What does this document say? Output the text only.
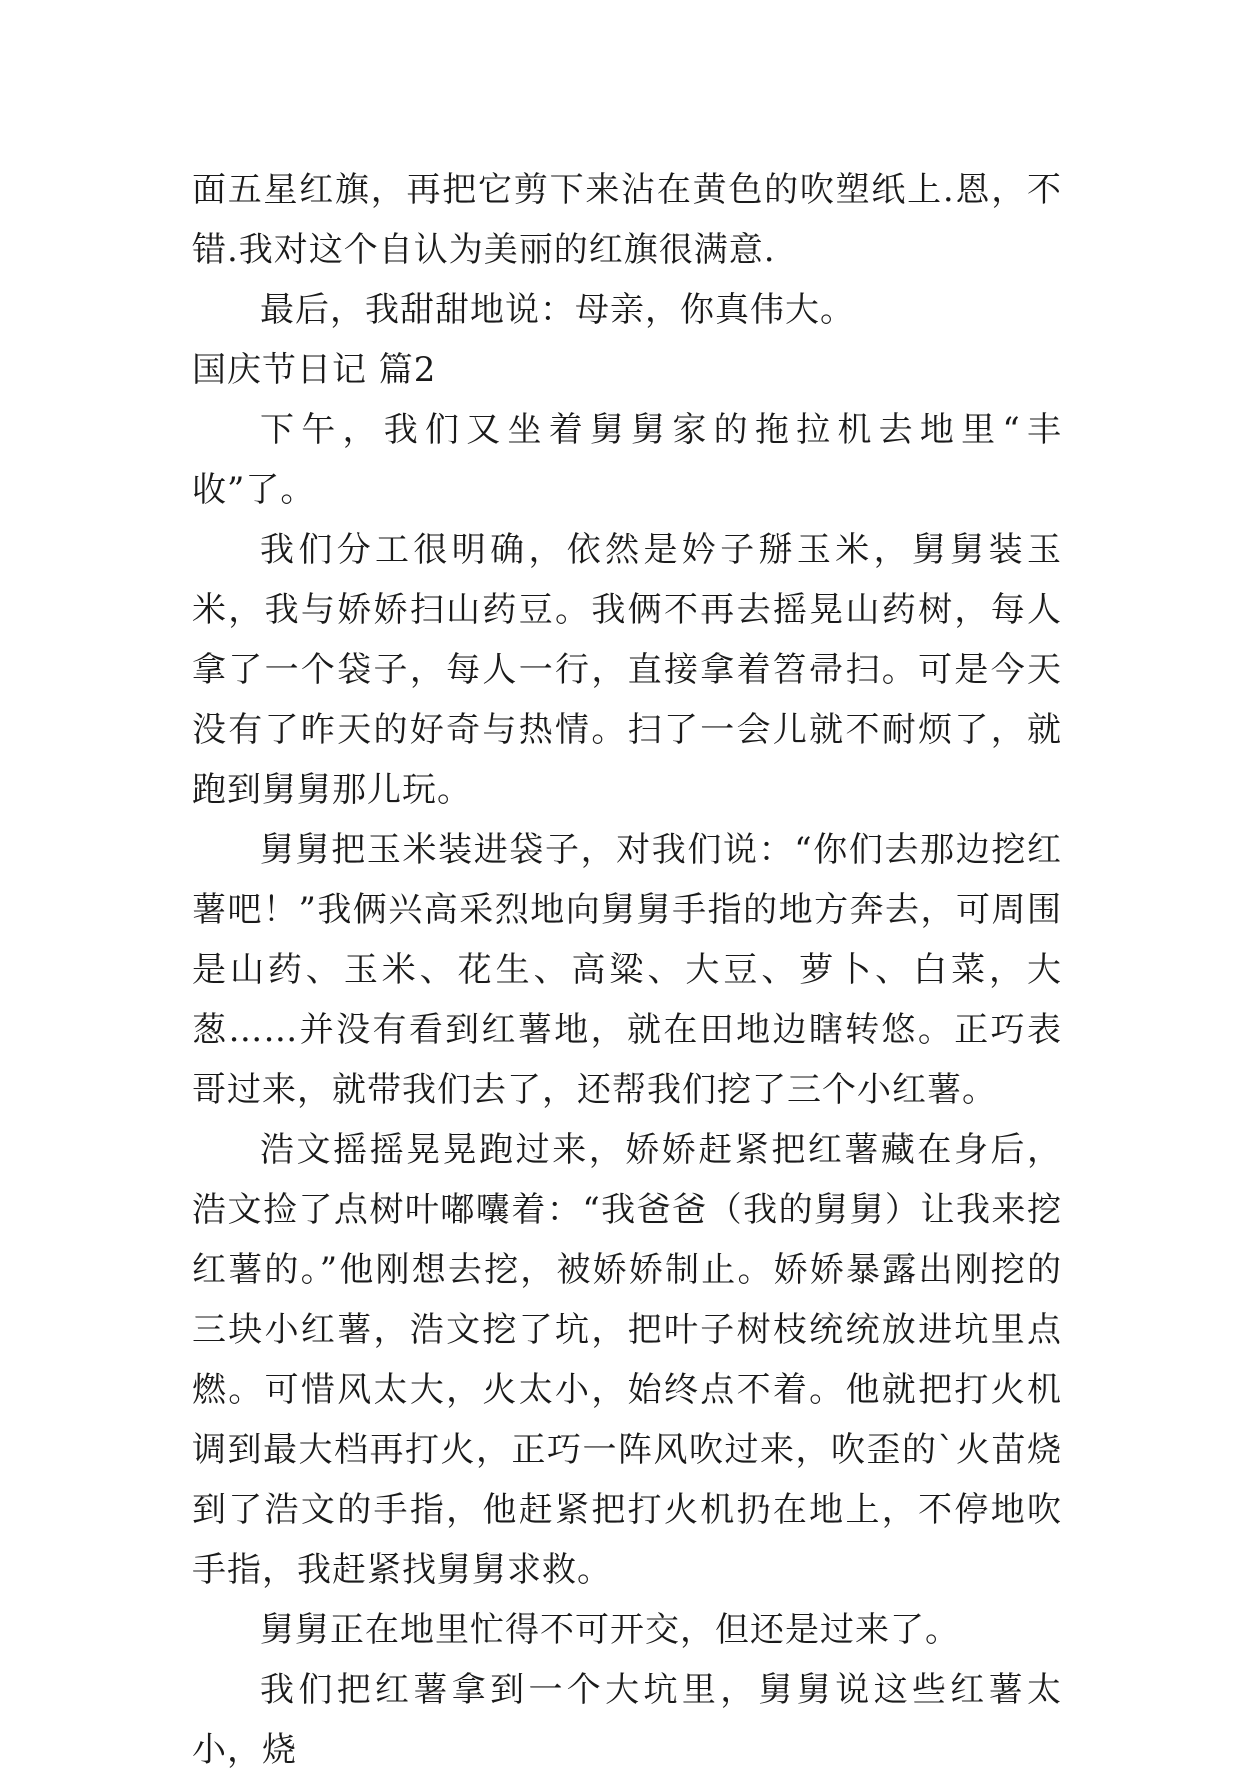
面五星红旗，再把它剪下来沾在黄色的吹塑纸上.恩，不错.我对这个自认为美丽的红旗很满意.

最后，我甜甜地说：母亲，你真伟大。

国庆节日记 篇2

下午，我们又坐着舅舅家的拖拉机去地里“丰收”了。

我们分工很明确，依然是妗子掰玉米，舅舅装玉米，我与娇娇扫山药豆。我俩不再去摇晃山药树，每人拿了一个袋子，每人一行，直接拿着笤帚扫。可是今天没有了昨天的好奇与热情。扫了一会儿就不耐烦了，就跑到舅舅那儿玩。

舅舅把玉米装进袋子，对我们说：“你们去那边挖红薯吧！”我俩兴高采烈地向舅舅手指的地方奔去，可周围是山药、玉米、花生、高粱、大豆、萝卜、白菜，大葱……并没有看到红薯地，就在田地边瞎转悠。正巧表哥过来，就带我们去了，还帮我们挖了三个小红薯。

浩文摇摇晃晃跑过来，娇娇赶紧把红薯藏在身后，浩文捡了点树叶嘟囔着：“我爸爸（我的舅舅）让我来挖红薯的。”他刚想去挖，被娇娇制止。娇娇暴露出刚挖的三块小红薯，浩文挖了坑，把叶子树枝统统放进坑里点燃。可惜风太大，火太小，始终点不着。他就把打火机调到最大档再打火，正巧一阵风吹过来，吹歪的`火苗烧到了浩文的手指，他赶紧把打火机扔在地上，不停地吹手指，我赶紧找舅舅求救。

舅舅正在地里忙得不可开交，但还是过来了。

我们把红薯拿到一个大坑里，舅舅说这些红薯太小，烧
